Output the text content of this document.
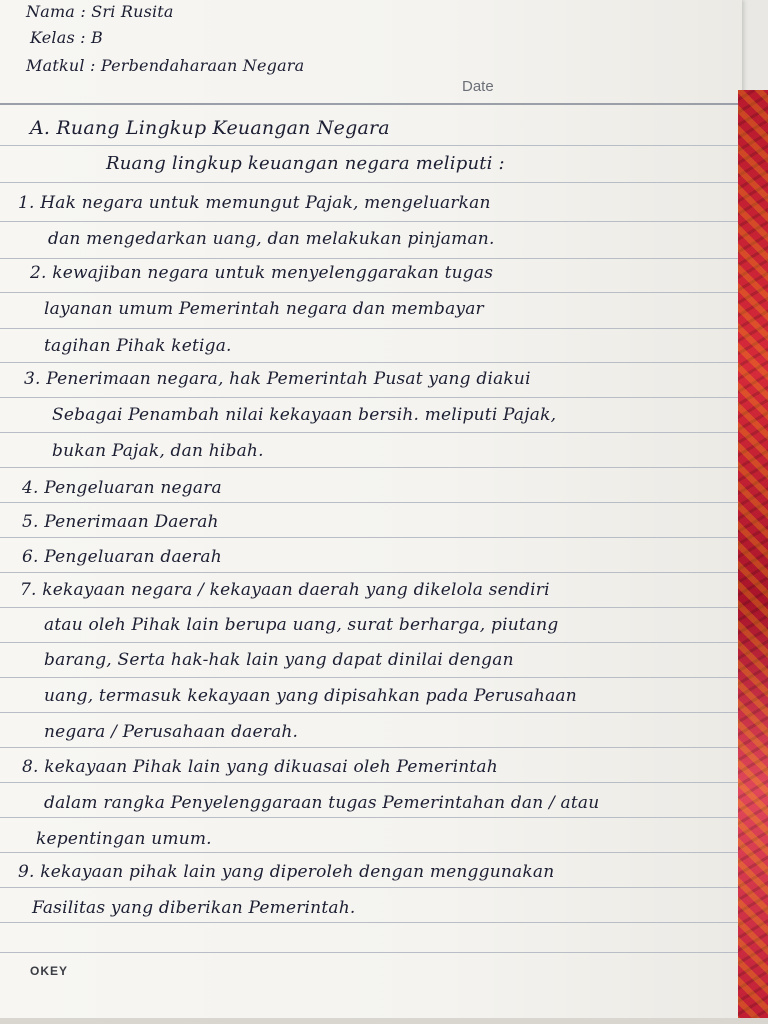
Nama : Sri Rusita
Kelas : B
Matkul : Perbendaharaan Negara
Date
A. Ruang Lingkup Keuangan Negara
Ruang lingkup keuangan negara meliputi :
1. Hak negara untuk memungut Pajak, mengeluarkan
dan mengedarkan uang, dan melakukan pinjaman.
2. kewajiban negara untuk menyelenggarakan tugas
layanan umum Pemerintah negara dan membayar
tagihan Pihak ketiga.
3. Penerimaan negara, hak Pemerintah Pusat yang diakui
Sebagai Penambah nilai kekayaan bersih. meliputi Pajak,
bukan Pajak, dan hibah.
4. Pengeluaran negara
5. Penerimaan Daerah
6. Pengeluaran daerah
7. kekayaan negara / kekayaan daerah yang dikelola sendiri
atau oleh Pihak lain berupa uang, surat berharga, piutang
barang, Serta hak-hak lain yang dapat dinilai dengan
uang, termasuk kekayaan yang dipisahkan pada Perusahaan
negara / Perusahaan daerah.
8. kekayaan Pihak lain yang dikuasai oleh Pemerintah
dalam rangka Penyelenggaraan tugas Pemerintahan dan / atau
kepentingan umum.
9. kekayaan pihak lain yang diperoleh dengan menggunakan
Fasilitas yang diberikan Pemerintah.
OKEY
